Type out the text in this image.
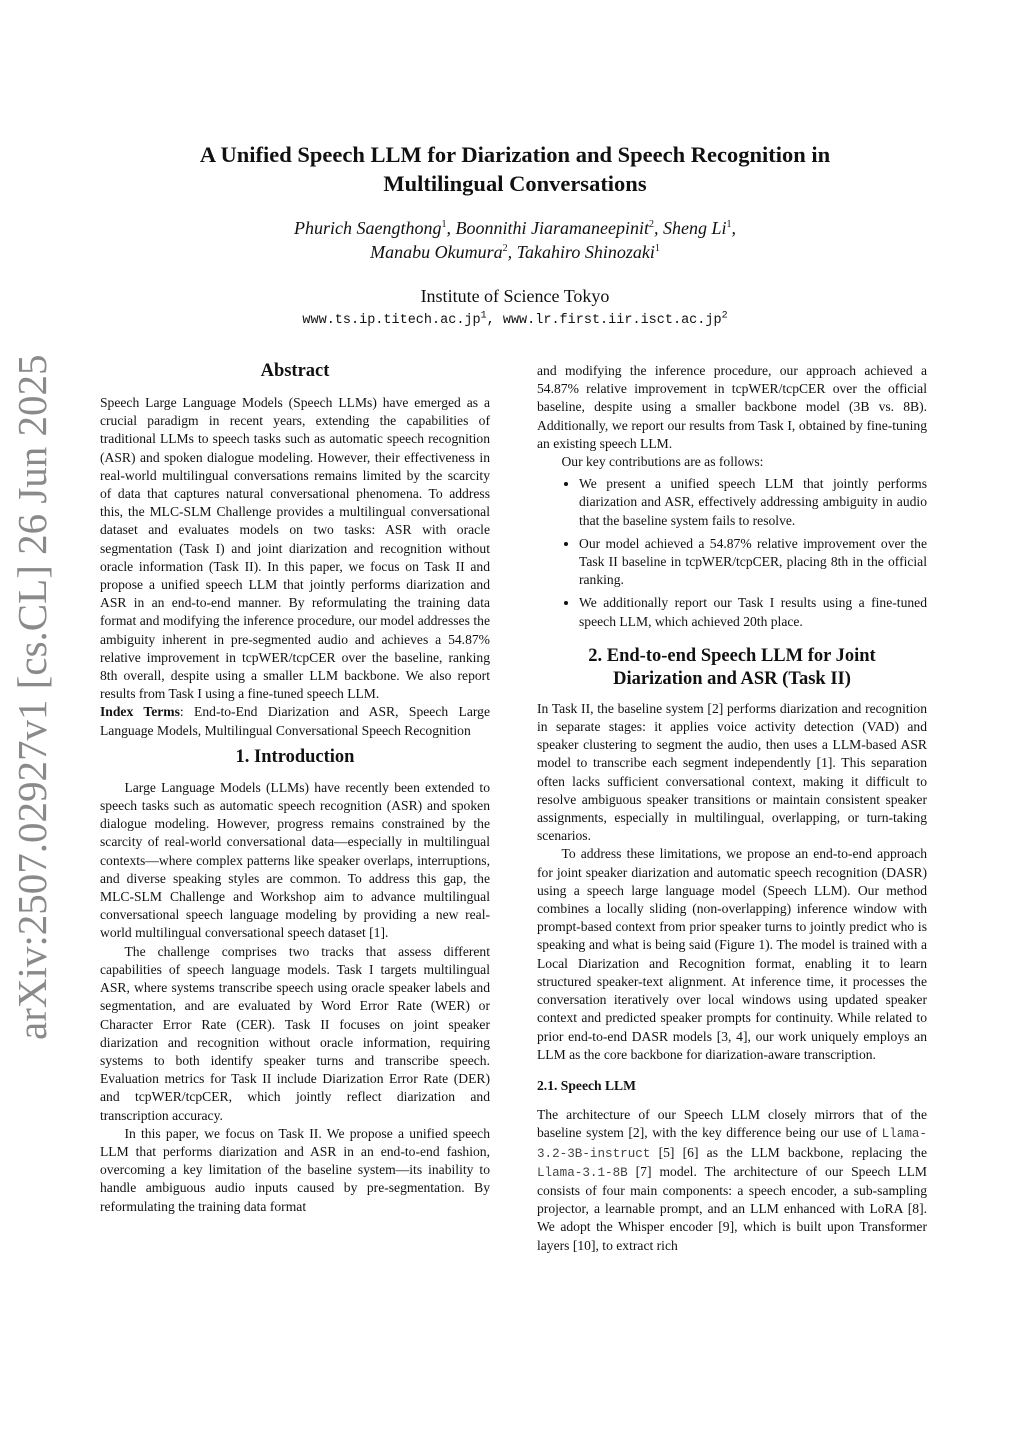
arXiv:2507.02927v1 [cs.CL] 26 Jun 2025
A Unified Speech LLM for Diarization and Speech Recognition in
Multilingual Conversations
Phurich Saengthong$^1$, Boonnithi Jiaramaneepinit$^2$, Sheng Li$^1$,
Manabu Okumura$^2$, Takahiro Shinozaki$^1$
Institute of Science Tokyo
$www.ts.ip.titech.ac.jp^1$, $www.lr.first.iir.isct.ac.jp^2$
Abstract

Speech Large Language Models (Speech LLMs) have emerged as a crucial paradigm in recent years, extending the capabilities of traditional LLMs to speech tasks such as automatic speech recognition (ASR) and spoken dialogue modeling. However, their effectiveness in real-world multilingual conversations remains limited by the scarcity of data that captures natural conversational phenomena. To address this, the MLC-SLM Challenge provides a multilingual conversational dataset and evaluates models on two tasks: ASR with oracle segmentation (Task I) and joint diarization and recognition without oracle information (Task II). In this paper, we focus on Task II and propose a unified speech LLM that jointly performs diarization and ASR in an end-to-end manner. By reformulating the training data format and modifying the inference procedure, our model addresses the ambiguity inherent in pre-segmented audio and achieves a 54.87% relative improvement in tcpWER/tcpCER over the baseline, ranking 8th overall, despite using a smaller LLM backbone. We also report results from Task I using a fine-tuned speech LLM.

Index Terms: End-to-End Diarization and ASR, Speech Large Language Models, Multilingual Conversational Speech Recognition

1. Introduction

Large Language Models (LLMs) have recently been extended to speech tasks such as automatic speech recognition (ASR) and spoken dialogue modeling. However, progress remains constrained by the scarcity of real-world conversational data—especially in multilingual contexts—where complex patterns like speaker overlaps, interruptions, and diverse speaking styles are common. To address this gap, the MLC-SLM Challenge and Workshop aim to advance multilingual conversational speech language modeling by providing a new real-world multilingual conversational speech dataset [1].

The challenge comprises two tracks that assess different capabilities of speech language models. Task I targets multilingual ASR, where systems transcribe speech using oracle speaker labels and segmentation, and are evaluated by Word Error Rate (WER) or Character Error Rate (CER). Task II focuses on joint speaker diarization and recognition without oracle information, requiring systems to both identify speaker turns and transcribe speech. Evaluation metrics for Task II include Diarization Error Rate (DER) and tcpWER/tcpCER, which jointly reflect diarization and transcription accuracy.

In this paper, we focus on Task II. We propose a unified speech LLM that performs diarization and ASR in an end-to-end fashion, overcoming a key limitation of the baseline system—its inability to handle ambiguous audio inputs caused by pre-segmentation. By reformulating the training data format

and modifying the inference procedure, our approach achieved a 54.87% relative improvement in tcpWER/tcpCER over the official baseline, despite using a smaller backbone model (3B vs. 8B). Additionally, we report our results from Task I, obtained by fine-tuning an existing speech LLM.

Our key contributions are as follows:

• We present a unified speech LLM that jointly performs diarization and ASR, effectively addressing ambiguity in audio that the baseline system fails to resolve.
• Our model achieved a 54.87% relative improvement over the Task II baseline in tcpWER/tcpCER, placing 8th in the official ranking.
• We additionally report our Task I results using a fine-tuned speech LLM, which achieved 20th place.
2. End-to-end Speech LLM for Joint
Diarization and ASR (Task II)

In Task II, the baseline system [2] performs diarization and recognition in separate stages: it applies voice activity detection (VAD) and speaker clustering to segment the audio, then uses a LLM-based ASR model to transcribe each segment independently [1]. This separation often lacks sufficient conversational context, making it difficult to resolve ambiguous speaker transitions or maintain consistent speaker assignments, especially in multilingual, overlapping, or turn-taking scenarios.

To address these limitations, we propose an end-to-end approach for joint speaker diarization and automatic speech recognition (DASR) using a speech large language model (Speech LLM). Our method combines a locally sliding (non-overlapping) inference window with prompt-based context from prior speaker turns to jointly predict who is speaking and what is being said (Figure 1). The model is trained with a Local Diarization and Recognition format, enabling it to learn structured speaker-text alignment. At inference time, it processes the conversation iteratively over local windows using updated speaker context and predicted speaker prompts for continuity. While related to prior end-to-end DASR models [3, 4], our work uniquely employs an LLM as the core backbone for diarization-aware transcription.

2.1. Speech LLM

The architecture of our Speech LLM closely mirrors that of the baseline system [2], with the key difference being our use of Llama-3.2-3B-instruct [5] [6] as the LLM backbone, replacing the Llama-3.1-8B [7] model. The architecture of our Speech LLM consists of four main components: a speech encoder, a sub-sampling projector, a learnable prompt, and an LLM enhanced with LoRA [8]. We adopt the Whisper encoder [9], which is built upon Transformer layers [10], to extract rich
